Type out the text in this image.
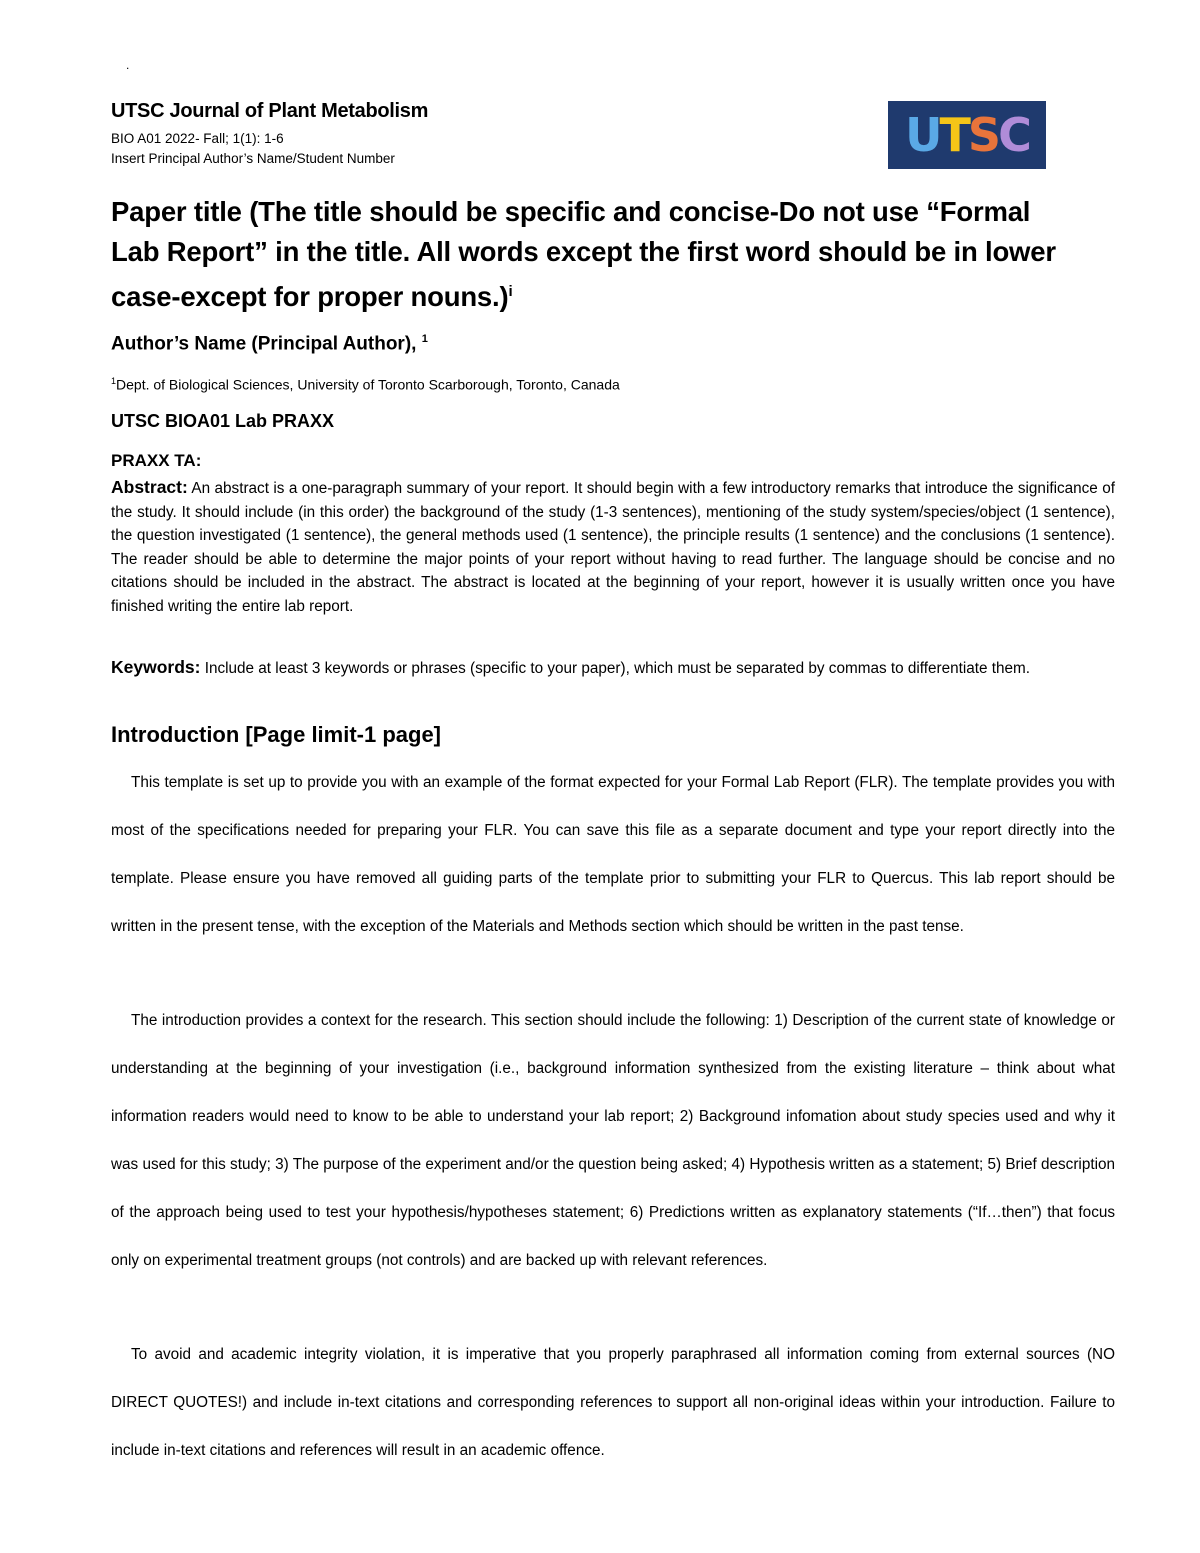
.
UTSC Journal of Plant Metabolism
BIO A01 2022- Fall; 1(1): 1-6
Insert Principal Author’s Name/Student Number	U T S C
Paper title (The title should be specific and concise-Do not use “Formal Lab Report” in the title. All words except the first word should be in lower case-except for proper nouns.)$^i$
Author’s Name (Principal Author), $^1$
$^1$Dept. of Biological Sciences, University of Toronto Scarborough, Toronto, Canada
UTSC BIOA01 Lab PRAXX
PRAXX TA:
Abstract: An abstract is a one-paragraph summary of your report. It should begin with a few introductory remarks that introduce the significance of the study. It should include (in this order) the background of the study (1-3 sentences), mentioning of the study system/species/object (1 sentence), the question investigated (1 sentence), the general methods used (1 sentence), the principle results (1 sentence) and the conclusions (1 sentence). The reader should be able to determine the major points of your report without having to read further. The language should be concise and no citations should be included in the abstract. The abstract is located at the beginning of your report, however it is usually written once you have finished writing the entire lab report.
Keywords: Include at least 3 keywords or phrases (specific to your paper), which must be separated by commas to differentiate them.
Introduction [Page limit-1 page]
This template is set up to provide you with an example of the format expected for your Formal Lab Report (FLR). The template provides you with most of the specifications needed for preparing your FLR. You can save this file as a separate document and type your report directly into the template. Please ensure you have removed all guiding parts of the template prior to submitting your FLR to Quercus. This lab report should be written in the present tense, with the exception of the Materials and Methods section which should be written in the past tense.
The introduction provides a context for the research. This section should include the following: 1) Description of the current state of knowledge or understanding at the beginning of your investigation (i.e., background information synthesized from the existing literature – think about what information readers would need to know to be able to understand your lab report; 2) Background infomation about study species used and why it was used for this study; 3) The purpose of the experiment and/or the question being asked; 4) Hypothesis written as a statement; 5) Brief description of the approach being used to test your hypothesis/hypotheses statement; 6) Predictions written as explanatory statements (“If…then”) that focus only on experimental treatment groups (not controls) and are backed up with relevant references.
To avoid and academic integrity violation, it is imperative that you properly paraphrased all information coming from external sources (NO DIRECT QUOTES!) and include in-text citations and corresponding references to support all non-original ideas within your introduction. Failure to include in-text citations and references will result in an academic offence.
